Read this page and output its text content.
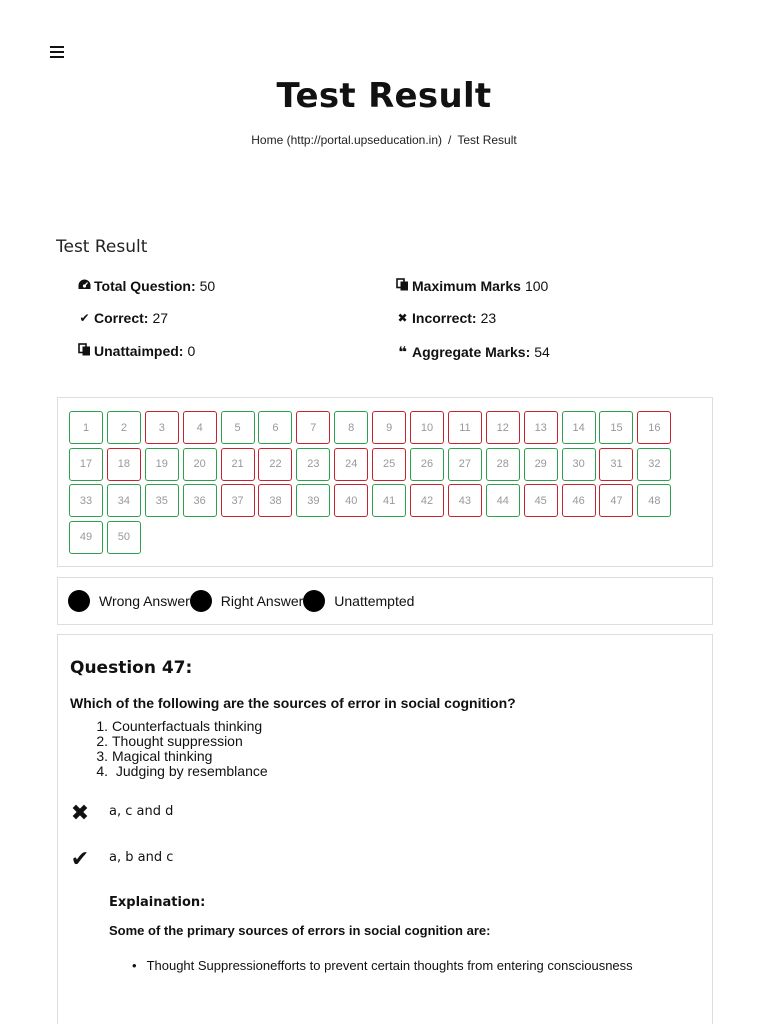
Test Result
Home (http://portal.upseducation.in) / Test Result
Test Result
Total Question: 50	Maximum Marks 100
✔ Correct: 27	✖ Incorrect: 23
Unattaimped: 0	❝ Aggregate Marks: 54
1	2	3	4	5	6	7	8	9	10	11	12	13	14	15	16
17	18	19	20	21	22	23	24	25	26	27	28	29	30	31	32
33	34	35	36	37	38	39	40	41	42	43	44	45	46	47	48
49	50
Wrong Answer Right Answer Unattempted
Question 47:
Which of the following are the sources of error in social cognition?
1. Counterfactuals thinking
2. Thought suppression
3. Magical thinking
4. Judging by resemblance
✖ a, c and d
✔ a, b and c
Explaination:
Some of the primary sources of errors in social cognition are:
• Thought Suppressionefforts to prevent certain thoughts from entering consciousness
